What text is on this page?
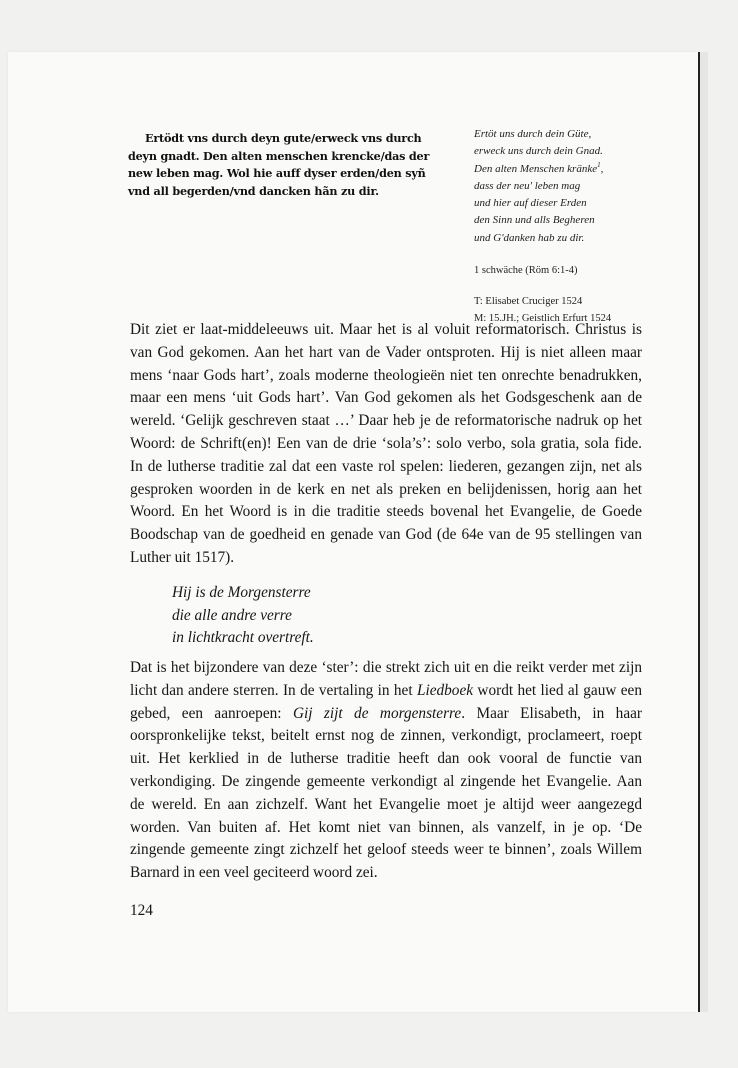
Ertödt vns durch deyn gute/erweck vns durch
deyn gnadt. Den alten menschen krencke/das der
new leben mag. Wol hie auff dyser erden/den syñ
vnd all begerden/vnd dancken hãn zu dir.
Ertöt uns durch dein Güte,
erweck uns durch dein Gnad.
Den alten Menschen kränke$^1$,
dass der neu' leben mag
und hier auf dieser Erden
den Sinn und alls Begheren
und G'danken hab zu dir.
1 schwäche (Röm 6:1-4)
T: Elisabet Cruciger 1524
M: 15.JH.; Geistlich Erfurt 1524
Dit ziet er laat-middeleeuws uit. Maar het is al voluit reformatorisch. Christus is
van God gekomen. Aan het hart van de Vader ontsproten. Hij is niet alleen maar
mens ‘naar Gods hart’, zoals moderne theologieën niet ten onrechte benadrukken,
maar een mens ‘uit Gods hart’. Van God gekomen als het Godsgeschenk aan de
wereld. ‘Gelijk geschreven staat …’ Daar heb je de reformatorische nadruk op het
Woord: de Schrift(en)! Een van de drie ‘sola’s’: solo verbo, sola gratia, sola fide.
In de lutherse traditie zal dat een vaste rol spelen: liederen, gezangen zijn, net als
gesproken woorden in de kerk en net als preken en belijdenissen, horig aan het
Woord. En het Woord is in die traditie steeds bovenal het Evangelie, de Goede
Boodschap van de goedheid en genade van God (de 64e van de 95 stellingen van
Luther uit 1517).
Hij is de Morgensterre
die alle andre verre
in lichtkracht overtreft.
Dat is het bijzondere van deze ‘ster’: die strekt zich uit en die reikt verder met zijn
licht dan andere sterren. In de vertaling in het Liedboek wordt het lied al gauw een
gebed, een aanroepen: Gij zijt de morgensterre. Maar Elisabeth, in haar
oorspronkelijke tekst, beitelt ernst nog de zinnen, verkondigt, proclameert, roept
uit. Het kerklied in de lutherse traditie heeft dan ook vooral de functie van
verkondiging. De zingende gemeente verkondigt al zingende het Evangelie. Aan
de wereld. En aan zichzelf. Want het Evangelie moet je altijd weer aangezegd
worden. Van buiten af. Het komt niet van binnen, als vanzelf, in je op. ‘De
zingende gemeente zingt zichzelf het geloof steeds weer te binnen’, zoals Willem
Barnard in een veel geciteerd woord zei.
124
